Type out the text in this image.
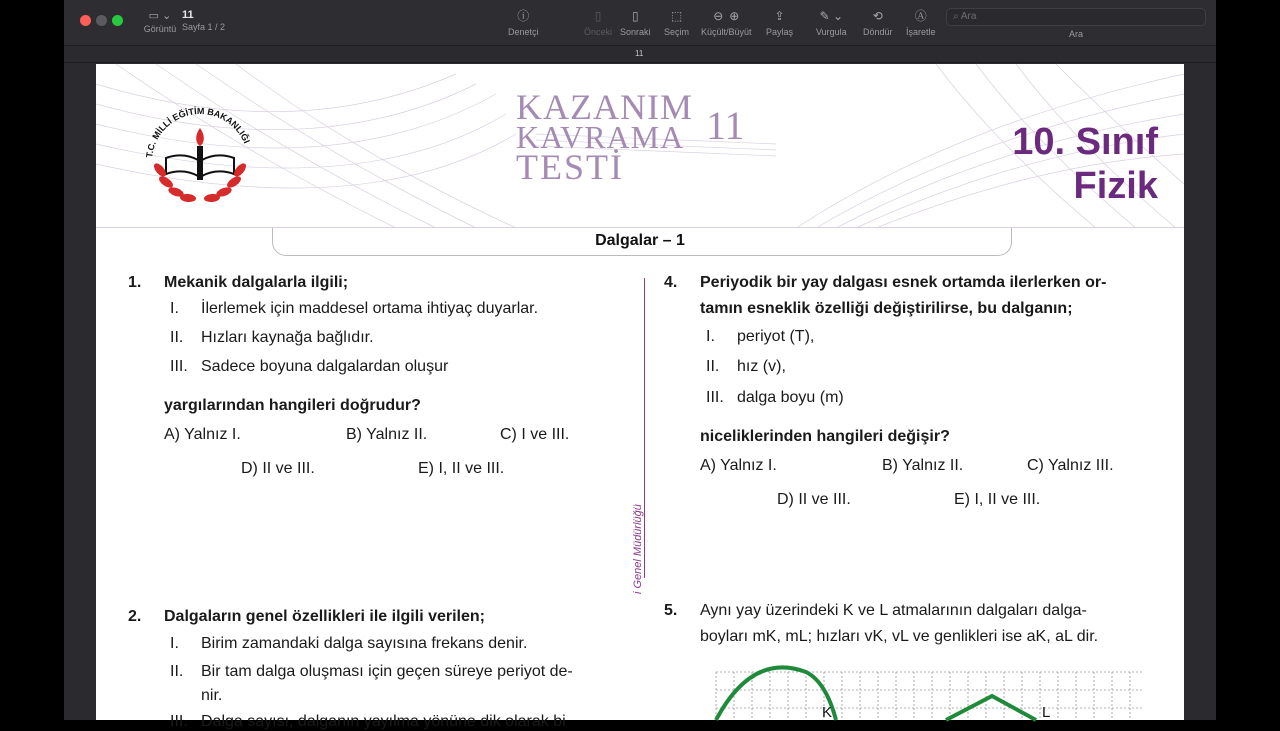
▭ ⌄
Görüntü
11
Sayfa 1 / 2
ⓘ
Denetçi
▯
Önceki
▯
Sonraki
⬚
Seçim
⊖ ⊕
Küçült/Büyüt
⇪
Paylaş
✎ ⌄
Vurgula
⟲
Döndür
Ⓐ
İşaretle
⌕ Ara
Ara
11
T.C. MİLLİ EĞİTİM BAKANLIĞI
KAZANIM
KAVRAMA
TESTİ
11	10. Sınıf
Fizik
Dalgalar – 1
i Genel Müdürlüğü
1. Mekanik dalgalarla ilgili;
I.	İlerlemek için maddesel ortama ihtiyaç duyarlar.
II.	Hızları kaynağa bağlıdır.
III. Sadece boyuna dalgalardan oluşur
yargılarından hangileri doğrudur?
A) Yalnız I.	B) Yalnız II.	C) I ve III.
D) II ve III.	E) I, II ve III.
2. Dalgaların genel özellikleri ile ilgili verilen;
I.	Birim zamandaki dalga sayısına frekans denir.
II.	Bir tam dalga oluşması için geçen süreye periyot de-
nir.
III. Dalga sayısı, dalganın yayılma yönüne dik olarak bi
4. Periyodik bir yay dalgası esnek ortamda ilerlerken or-
tamın esneklik özelliği değiştirilirse, bu dalganın;
I.	periyot (T),
II.	hız (v),
III. dalga boyu (m)
niceliklerinden hangileri değişir?
A) Yalnız I.	B) Yalnız II.	C) Yalnız III.
D) II ve III.	E) I, II ve III.
5. Aynı yay üzerindeki K ve L atmalarının dalgaları dalga-
boyları mK, mL; hızları vK, vL ve genlikleri ise aK, aL dir.
K	L
